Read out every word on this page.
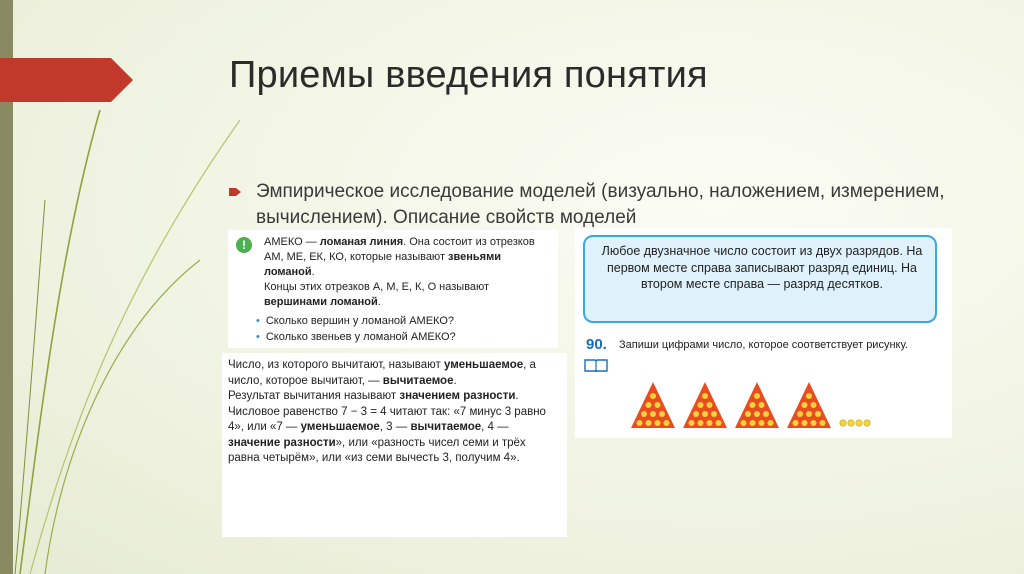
Приемы введения понятия
Эмпирическое исследование моделей (визуально, наложением, измерением, вычислением). Описание свойств моделей
!	АМЕКО — ломаная линия. Она состоит из отрезков АМ, МЕ, ЕК, КО, которые называют звеньями ломаной.
Концы этих отрезков А, М, Е, К, О называют вершинами ломаной.
• Сколько вершин у ломаной АМЕКО?
• Сколько звеньев у ломаной АМЕКО?
Число, из которого вычитают, называют уменьшаемое, а число, которое вычитают, — вычитаемое.
Результат вычитания называют значением разности.
Числовое равенство 7 − 3 = 4 читают так: «7 минус 3 равно 4», или «7 — уменьшаемое, 3 — вычитаемое, 4 — значение разности», или «разность чисел семи и трёх равна четырём», или «из семи вычесть 3, получим 4».
Любое двузначное число состоит из двух разрядов. На первом месте справа записывают разряд единиц. На втором месте справа — разряд десятков.
90. Запиши цифрами число, которое соответствует рисунку.
